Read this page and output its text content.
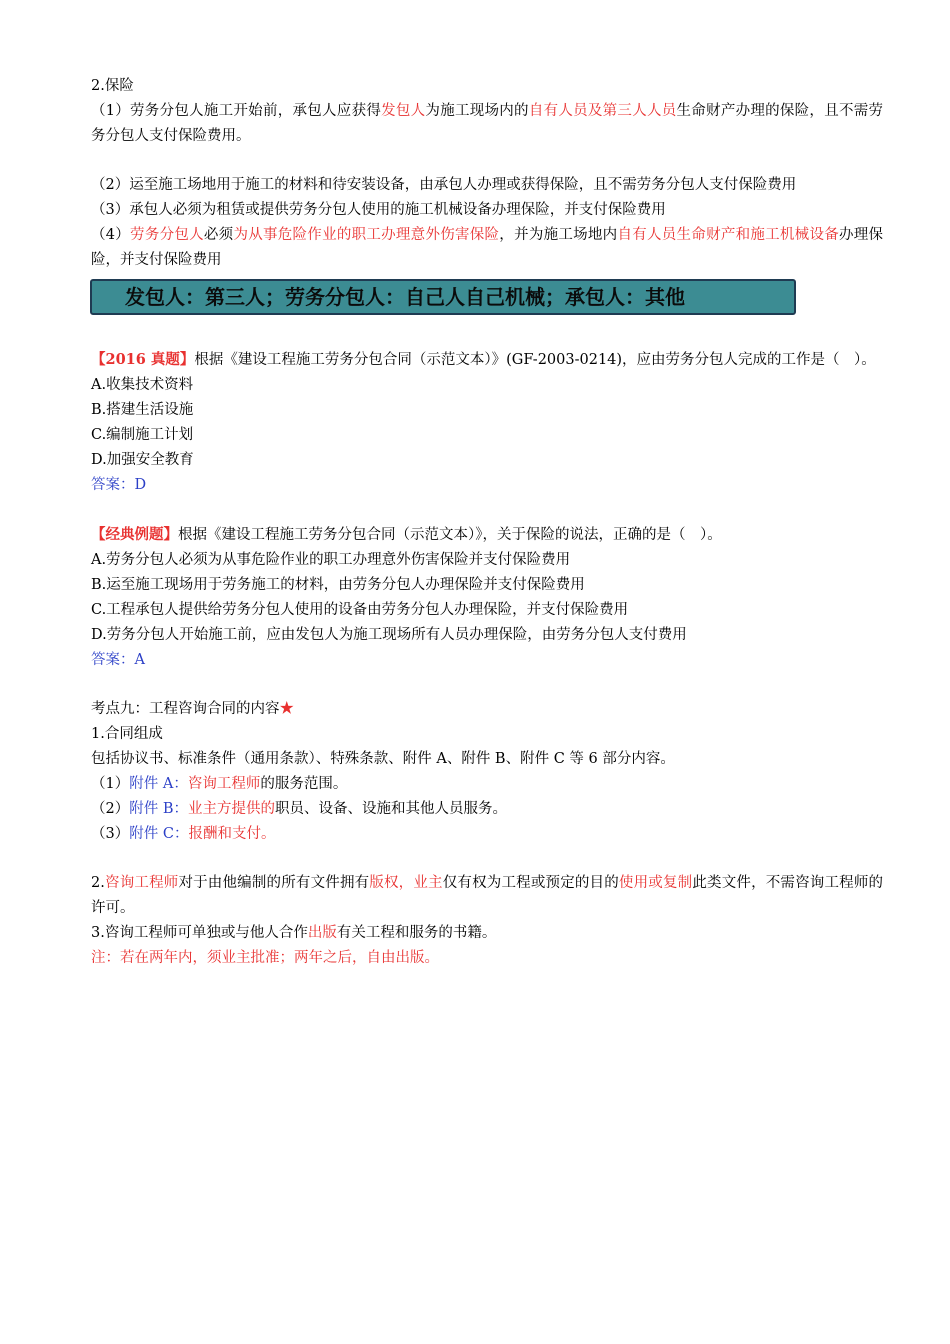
2.保险

（1）劳务分包人施工开始前，承包人应获得发包人为施工现场内的自有人员及第三人人员生命财产办理的保险，且不需劳务分包人支付保险费用。

（2）运至施工场地用于施工的材料和待安装设备，由承包人办理或获得保险，且不需劳务分包人支付保险费用

（3）承包人必须为租赁或提供劳务分包人使用的施工机械设备办理保险，并支付保险费用

（4）劳务分包人必须为从事危险作业的职工办理意外伤害保险，并为施工场地内自有人员生命财产和施工机械设备办理保险，并支付保险费用

发包人：第三人；劳务分包人：自己人自己机械；承包人：其他

【2016 真题】根据《建设工程施工劳务分包合同（示范文本）》(GF-2003-0214)，应由劳务分包人完成的工作是（　）。

A.收集技术资料

B.搭建生活设施

C.编制施工计划

D.加强安全教育

答案：D

【经典例题】根据《建设工程施工劳务分包合同（示范文本）》，关于保险的说法，正确的是（　）。

A.劳务分包人必须为从事危险作业的职工办理意外伤害保险并支付保险费用

B.运至施工现场用于劳务施工的材料，由劳务分包人办理保险并支付保险费用

C.工程承包人提供给劳务分包人使用的设备由劳务分包人办理保险，并支付保险费用

D.劳务分包人开始施工前，应由发包人为施工现场所有人员办理保险，由劳务分包人支付费用

答案：A

考点九：工程咨询合同的内容★

1.合同组成

包括协议书、标准条件（通用条款）、特殊条款、附件 A、附件 B、附件 C 等 6 部分内容。

（1）附件 A：咨询工程师的服务范围。

（2）附件 B：业主方提供的职员、设备、设施和其他人员服务。

（3）附件 C：报酬和支付。

2.咨询工程师对于由他编制的所有文件拥有版权，业主仅有权为工程或预定的目的使用或复制此类文件，不需咨询工程师的许可。

3.咨询工程师可单独或与他人合作出版有关工程和服务的书籍。

注：若在两年内，须业主批准；两年之后，自由出版。
